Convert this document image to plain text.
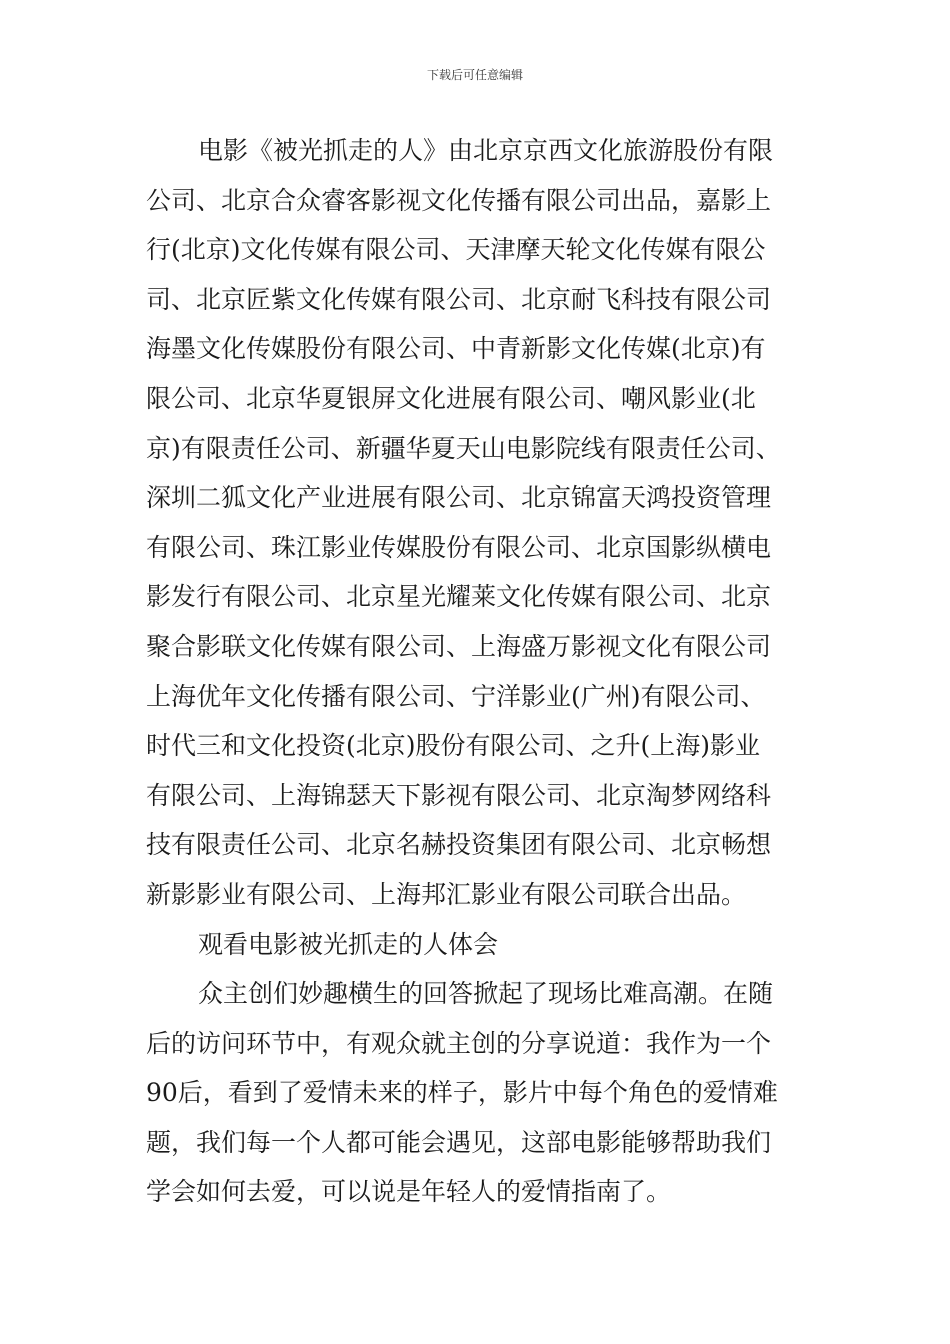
下载后可任意编辑
电影《被光抓走的人》由北京京西文化旅游股份有限
公司、北京合众睿客影视文化传播有限公司出品，嘉影上
行(北京)文化传媒有限公司、天津摩天轮文化传媒有限公
司、北京匠紫文化传媒有限公司、北京耐飞科技有限公司
海墨文化传媒股份有限公司、中青新影文化传媒(北京)有
限公司、北京华夏银屏文化进展有限公司、嘲风影业(北
京)有限责任公司、新疆华夏天山电影院线有限责任公司、
深圳二狐文化产业进展有限公司、北京锦富天鸿投资管理
有限公司、珠江影业传媒股份有限公司、北京国影纵横电
影发行有限公司、北京星光耀莱文化传媒有限公司、北京
聚合影联文化传媒有限公司、上海盛万影视文化有限公司
上海优年文化传播有限公司、宁洋影业(广州)有限公司、
时代三和文化投资(北京)股份有限公司、之升(上海)影业
有限公司、上海锦瑟天下影视有限公司、北京淘梦网络科
技有限责任公司、北京名赫投资集团有限公司、北京畅想
新影影业有限公司、上海邦汇影业有限公司联合出品。
观看电影被光抓走的人体会
众主创们妙趣横生的回答掀起了现场比难高潮。在随
后的访问环节中，有观众就主创的分享说道：我作为一个
90后，看到了爱情未来的样子，影片中每个角色的爱情难
题，我们每一个人都可能会遇见，这部电影能够帮助我们
学会如何去爱，可以说是年轻人的爱情指南了。
